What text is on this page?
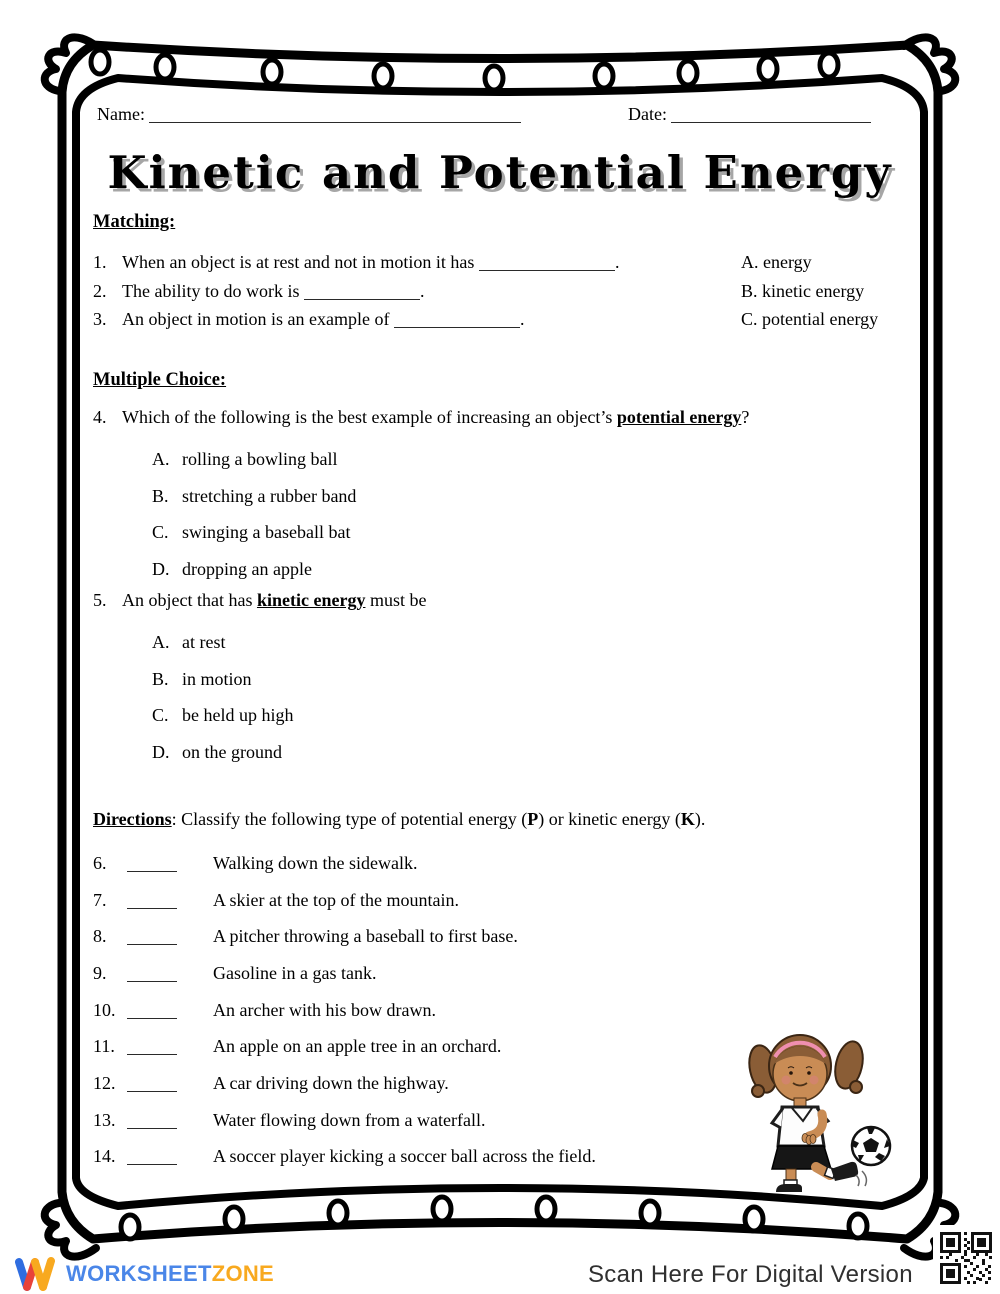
Name:	Date:
Kinetic and Potential Energy
Matching:
1. When an object is at rest and not in motion it has	.
2. The ability to do work is	.
3. An object in motion is an example of	.
A. energy
B. kinetic energy
C. potential energy
Multiple Choice:
4. Which of the following is the best example of increasing an object’s potential energy?
A. rolling a bowling ball
B. stretching a rubber band
C. swinging a baseball bat
D. dropping an apple
5. An object that has kinetic energy must be
A. at rest
B. in motion
C. be held up high
D. on the ground
Directions: Classify the following type of potential energy (P) or kinetic energy (K).
6.	Walking down the sidewalk.
7.	A skier at the top of the mountain.
8.	A pitcher throwing a baseball to first base.
9.	Gasoline in a gas tank.
10.	An archer with his bow drawn.
11.	An apple on an apple tree in an orchard.
12.	A car driving down the highway.
13.	Water flowing down from a waterfall.
14.	A soccer player kicking a soccer ball across the field.
WORKSHEETZONE	Scan Here For Digital Version
